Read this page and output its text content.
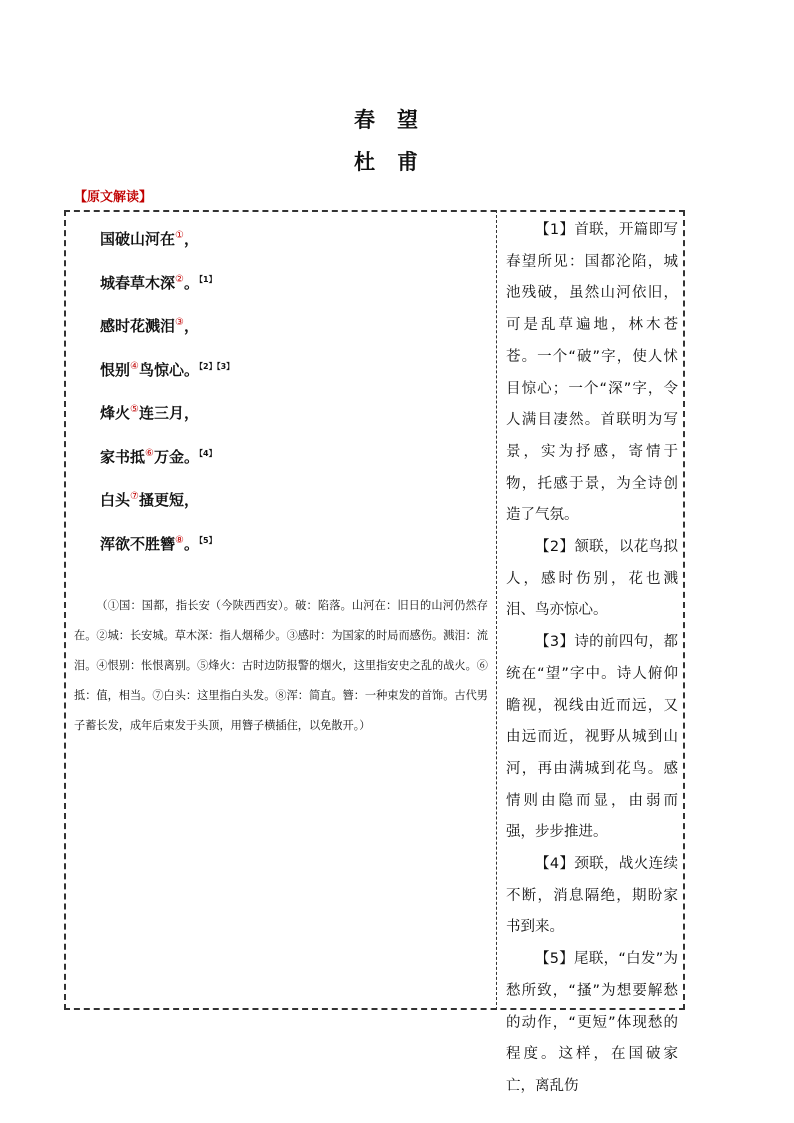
春望
杜甫
【原文解读】
国破山河在①，
城春草木深②。$^{【1】}$
感时花溅泪③，
恨别④鸟惊心。$^{【2】【3】}$
烽火⑤连三月，
家书抵⑥万金。$^{【4】}$
白头⑦搔更短，
浑欲不胜簪⑧。$^{【5】}$
（①国：国都，指长安（今陕西西安）。破：陷落。山河在：旧日的山河仍然存在。②城：长安城。草木深：指人烟稀少。③感时：为国家的时局而感伤。溅泪：流泪。④恨别：怅恨离别。⑤烽火：古时边防报警的烟火，这里指安史之乱的战火。⑥抵：值，相当。⑦白头：这里指白头发。⑧浑：简直。簪：一种束发的首饰。古代男子蓄长发，成年后束发于头顶，用簪子横插住，以免散开。）

【1】首联，开篇即写春望所见：国都沦陷，城池残破，虽然山河依旧，可是乱草遍地，林木苍苍。一个“破”字，使人怵目惊心；一个“深”字，令人满目凄然。首联明为写景，实为抒感，寄情于物，托感于景，为全诗创造了气氛。

【2】颔联，以花鸟拟人，感时伤别，花也溅泪、鸟亦惊心。

【3】诗的前四句，都统在“望”字中。诗人俯仰瞻视，视线由近而远，又由远而近，视野从城到山河，再由满城到花鸟。感情则由隐而显，由弱而强，步步推进。

【4】颈联，战火连续不断，消息隔绝，期盼家书到来。

【5】尾联，“白发”为愁所致，“搔”为想要解愁的动作，“更短”体现愁的程度。这样，在国破家亡，离乱伤
